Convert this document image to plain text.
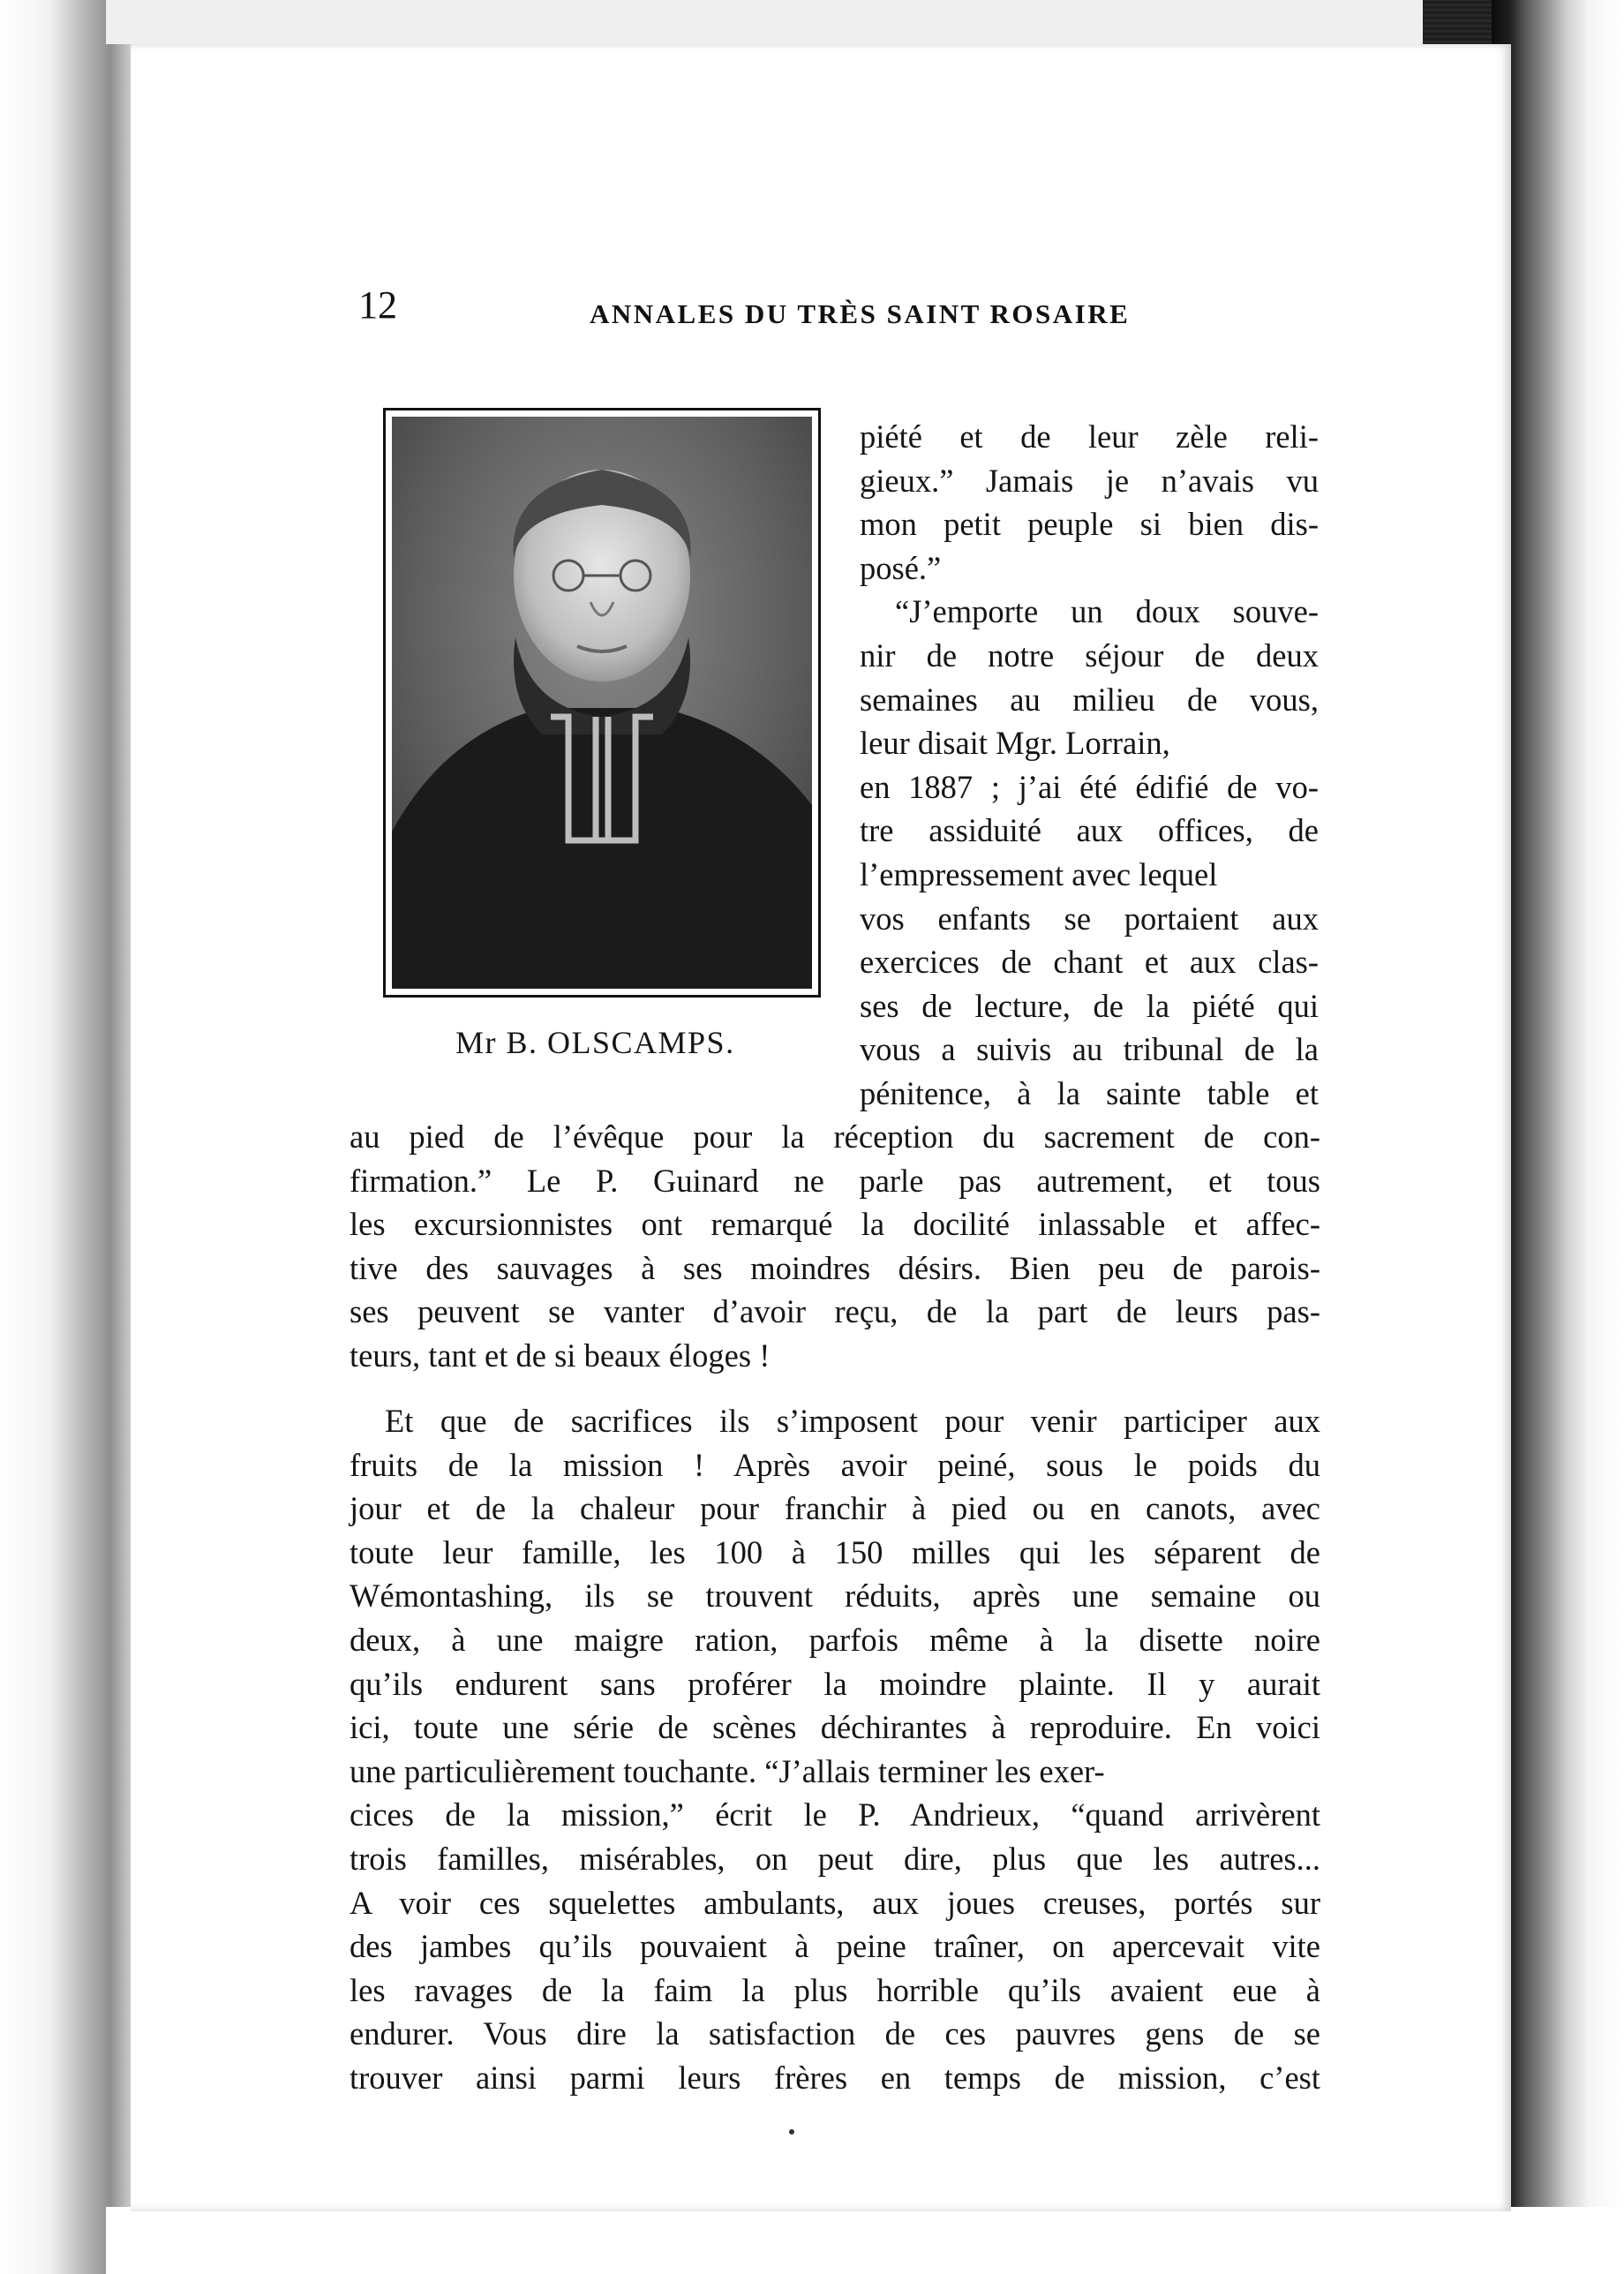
12	ANNALES DU TRÈS SAINT ROSAIRE
Mr B. OLSCAMPS.
piété et de leur zèle reli-
gieux.” Jamais je n’avais vu
mon petit peuple si bien dis-
posé.”
“J’emporte un doux souve-
nir de notre séjour de deux
semaines au milieu de vous,
leur disait Mgr. Lorrain,
en 1887 ; j’ai été édifié de vo-
tre assiduité aux offices, de
l’empressement avec lequel
vos enfants se portaient aux
exercices de chant et aux clas-
ses de lecture, de la piété qui
vous a suivis au tribunal de la
pénitence, à la sainte table et
au pied de l’évêque pour la réception du sacrement de con-
firmation.” Le P. Guinard ne parle pas autrement, et tous
les excursionnistes ont remarqué la docilité inlassable et affec-
tive des sauvages à ses moindres désirs. Bien peu de parois-
ses peuvent se vanter d’avoir reçu, de la part de leurs pas-
teurs, tant et de si beaux éloges !
Et que de sacrifices ils s’imposent pour venir participer aux
fruits de la mission ! Après avoir peiné, sous le poids du
jour et de la chaleur pour franchir à pied ou en canots, avec
toute leur famille, les 100 à 150 milles qui les séparent de
Wémontashing, ils se trouvent réduits, après une semaine ou
deux, à une maigre ration, parfois même à la disette noire
qu’ils endurent sans proférer la moindre plainte. Il y aurait
ici, toute une série de scènes déchirantes à reproduire. En voici
une particulièrement touchante. “J’allais terminer les exer-
cices de la mission,” écrit le P. Andrieux, “quand arrivèrent
trois familles, misérables, on peut dire, plus que les autres...
A voir ces squelettes ambulants, aux joues creuses, portés sur
des jambes qu’ils pouvaient à peine traîner, on apercevait vite
les ravages de la faim la plus horrible qu’ils avaient eue à
endurer. Vous dire la satisfaction de ces pauvres gens de se
trouver ainsi parmi leurs frères en temps de mission, c’est
